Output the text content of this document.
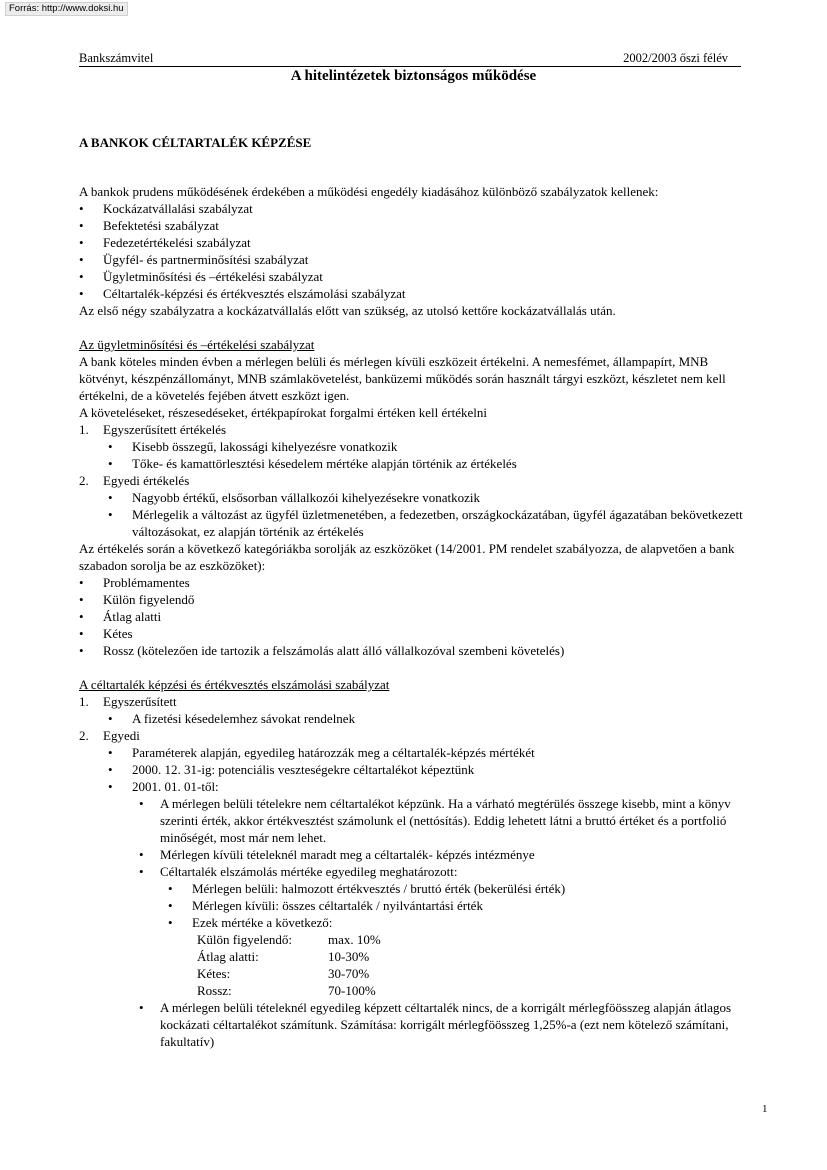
Forrás: http://www.doksi.hu
Bankszámvitel	2002/2003 őszi félév
A hitelintézetek biztonságos működése
A BANKOK CÉLTARTALÉK KÉPZÉSE

A bankok prudens működésének érdekében a működési engedély kiadásához különböző szabályzatok kellenek:

• Kockázatvállalási szabályzat
• Befektetési szabályzat
• Fedezetértékelési szabályzat
• Ügyfél- és partnerminősítési szabályzat
• Ügyletminősítési és –értékelési szabályzat
• Céltartalék-képzési és értékvesztés elszámolási szabályzat

Az első négy szabályzatra a kockázatvállalás előtt van szükség, az utolsó kettőre kockázatvállalás után.

Az ügyletminősítési és –értékelési szabályzat

A bank köteles minden évben a mérlegen belüli és mérlegen kívüli eszközeit értékelni. A nemesfémet, állampapírt, MNB kötvényt, készpénzállományt, MNB számlakövetelést, banküzemi működés során használt tárgyi eszközt, készletet nem kell értékelni, de a követelés fejében átvett eszközt igen.

A követeléseket, részesedéseket, értékpapírokat forgalmi értéken kell értékelni

1. Egyszerűsített értékelés
• Kisebb összegű, lakossági kihelyezésre vonatkozik
• Tőke- és kamattörlesztési késedelem mértéke alapján történik az értékelés
2. Egyedi értékelés
• Nagyobb értékű, elsősorban vállalkozói kihelyezésekre vonatkozik
• Mérlegelik a változást az ügyfél üzletmenetében, a fedezetben, országkockázatában, ügyfél ágazatában bekövetkezett változásokat, ez alapján történik az értékelés

Az értékelés során a következő kategóriákba sorolják az eszközöket (14/2001. PM rendelet szabályozza, de alapvetően a bank szabadon sorolja be az eszközöket):

• Problémamentes
• Külön figyelendő
• Átlag alatti
• Kétes
• Rossz (kötelezően ide tartozik a felszámolás alatt álló vállalkozóval szembeni követelés)

A céltartalék képzési és értékvesztés elszámolási szabályzat

1. Egyszerűsített
• A fizetési késedelemhez sávokat rendelnek
2. Egyedi
• Paraméterek alapján, egyedileg határozzák meg a céltartalék-képzés mértékét
• 2000. 12. 31-ig: potenciális veszteségekre céltartalékot képeztünk
• 2001. 01. 01-től:
• A mérlegen belüli tételekre nem céltartalékot képzünk. Ha a várható megtérülés összege kisebb, mint a könyv szerinti érték, akkor értékvesztést számolunk el (nettósítás). Eddig lehetett látni a bruttó értéket és a portfolió minőségét, most már nem lehet.
• Mérlegen kívüli tételeknél maradt meg a céltartalék- képzés intézménye
• Céltartalék elszámolás mértéke egyedileg meghatározott:
• Mérlegen belüli: halmozott értékvesztés / bruttó érték (bekerülési érték)
• Mérlegen kívüli: összes céltartalék / nyilvántartási érték
• Ezek mértéke a következő:
Külön figyelendő:	max. 10%
Átlag alatti:	10-30%
Kétes:	30-70%
Rossz:	70-100%
• A mérlegen belüli tételeknél egyedileg képzett céltartalék nincs, de a korrigált mérlegföösszeg alapján átlagos kockázati céltartalékot számítunk. Számítása: korrigált mérlegföösszeg 1,25%-a (ezt nem kötelező számítani, fakultatív)
1
